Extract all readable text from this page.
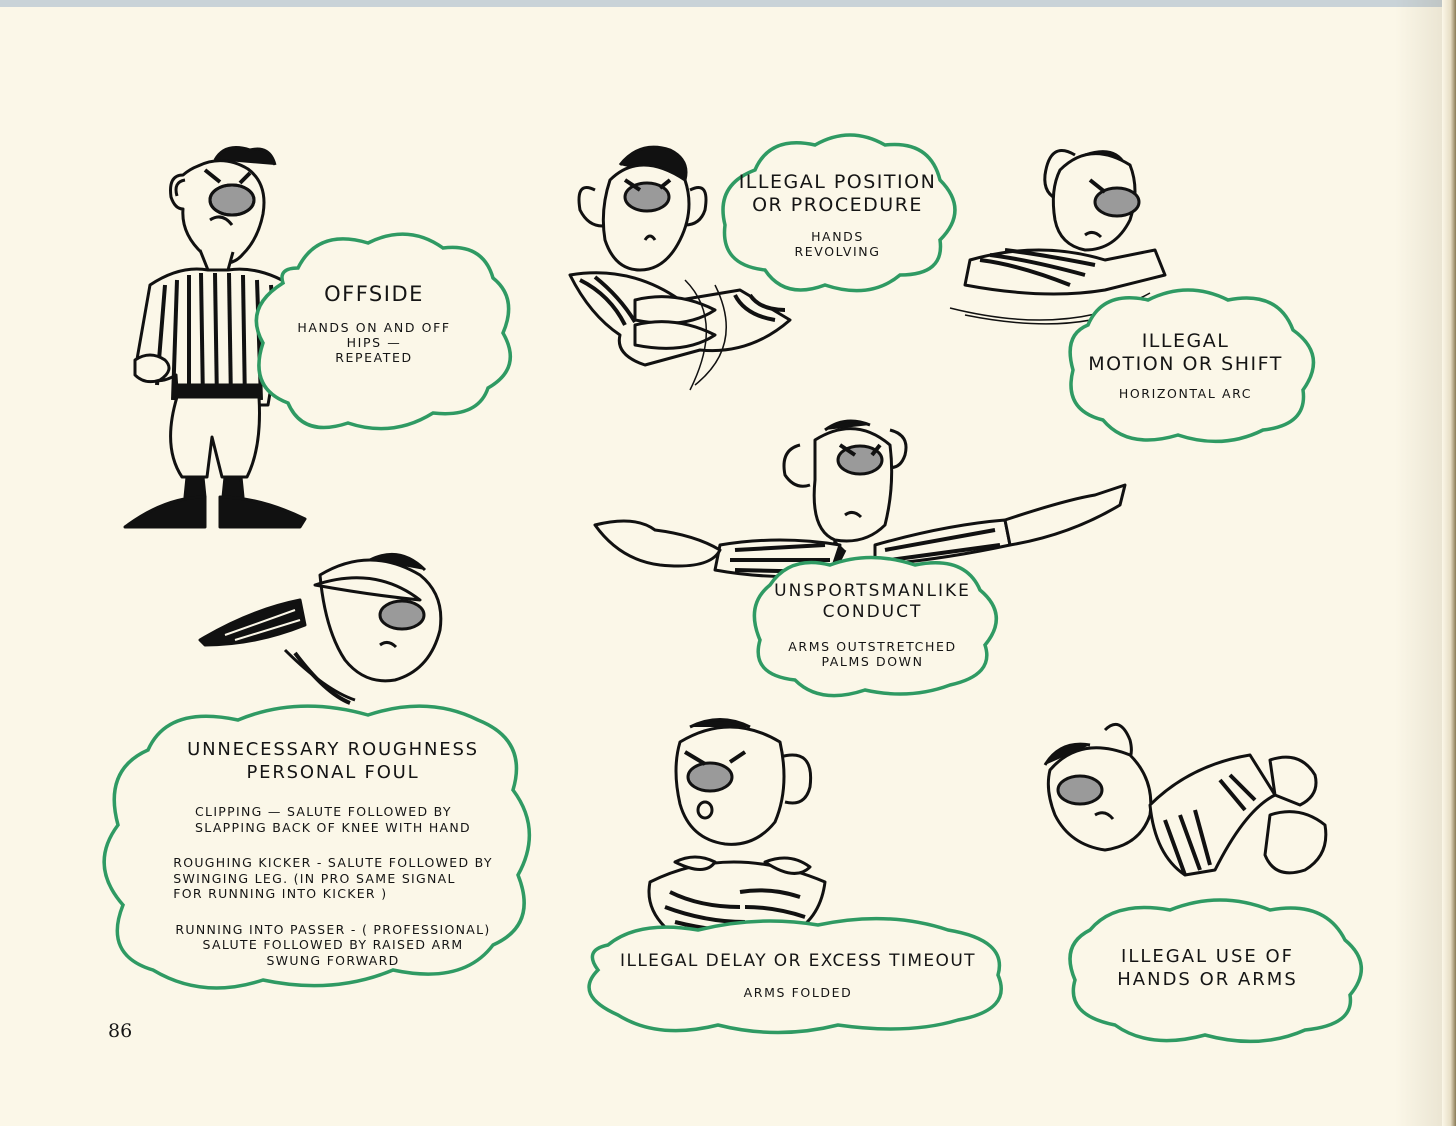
OFFSIDE
HANDS ON AND OFF
HIPS —
REPEATED
ILLEGAL POSITION
OR PROCEDURE
HANDS
REVOLVING
ILLEGAL
MOTION OR SHIFT
HORIZONTAL ARC
UNSPORTSMANLIKE
CONDUCT
ARMS OUTSTRETCHED
PALMS DOWN
UNNECESSARY ROUGHNESS
PERSONAL FOUL
CLIPPING — SALUTE FOLLOWED BY
SLAPPING BACK OF KNEE WITH HAND
ROUGHING KICKER - SALUTE FOLLOWED BY
SWINGING LEG. (IN PRO SAME SIGNAL
FOR RUNNING INTO KICKER )
RUNNING INTO PASSER - ( PROFESSIONAL)
SALUTE FOLLOWED BY RAISED ARM
SWUNG FORWARD	ILLEGAL DELAY OR EXCESS TIMEOUT
ARMS FOLDED
ILLEGAL USE OF
HANDS OR ARMS
86
